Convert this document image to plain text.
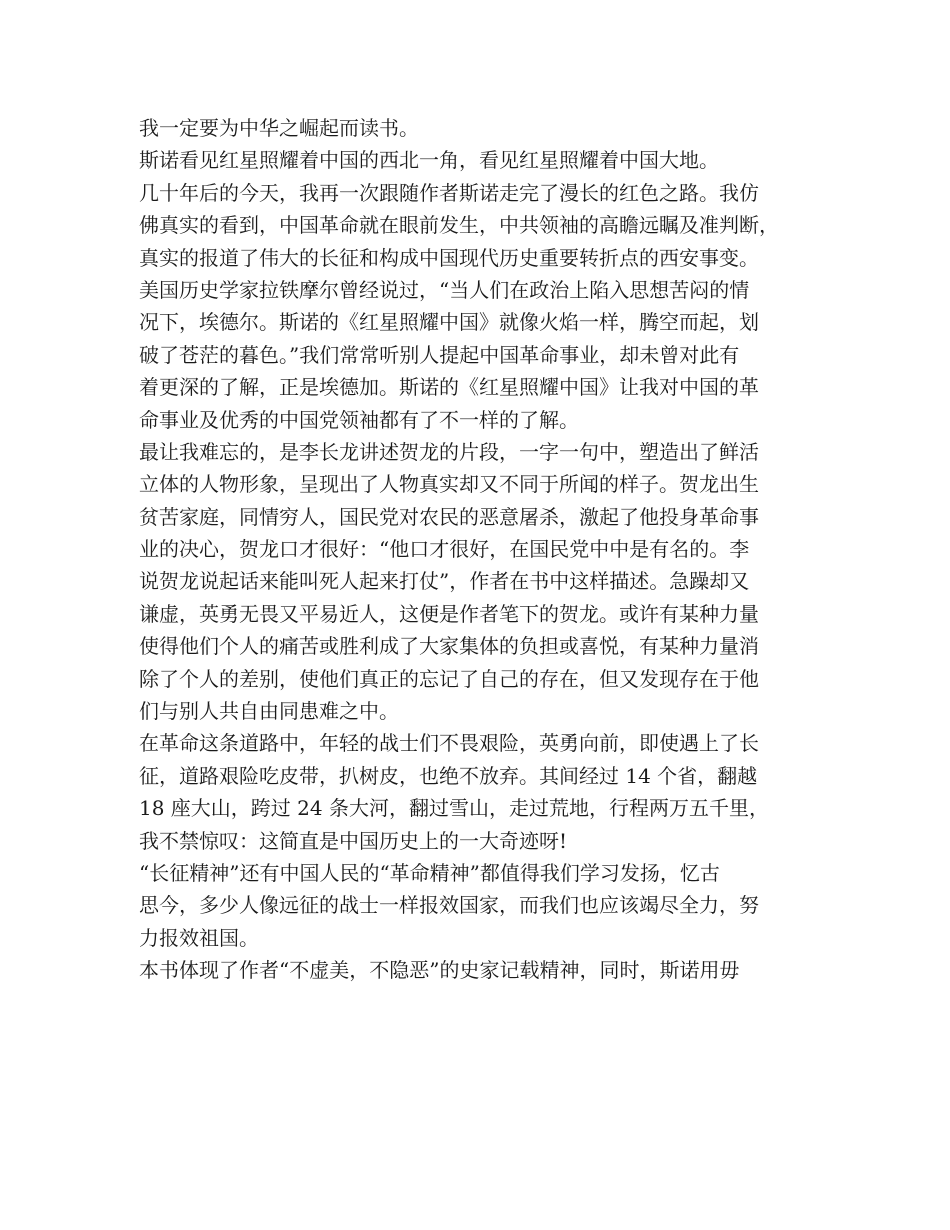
我一定要为中华之崛起而读书。
斯诺看见红星照耀着中国的西北一角，看见红星照耀着中国大地。
几十年后的今天，我再一次跟随作者斯诺走完了漫长的红色之路。我仿
佛真实的看到，中国革命就在眼前发生，中共领袖的高瞻远瞩及准判断，
真实的报道了伟大的长征和构成中国现代历史重要转折点的西安事变。
美国历史学家拉铁摩尔曾经说过，“当人们在政治上陷入思想苦闷的情
况下，埃德尔。斯诺的《红星照耀中国》就像火焰一样，腾空而起，划
破了苍茫的暮色。”我们常常听别人提起中国革命事业，却未曾对此有
着更深的了解，正是埃德加。斯诺的《红星照耀中国》让我对中国的革
命事业及优秀的中国党领袖都有了不一样的了解。
最让我难忘的，是李长龙讲述贺龙的片段，一字一句中，塑造出了鲜活
立体的人物形象，呈现出了人物真实却又不同于所闻的样子。贺龙出生
贫苦家庭，同情穷人，国民党对农民的恶意屠杀，激起了他投身革命事
业的决心，贺龙口才很好：“他口才很好，在国民党中中是有名的。李
说贺龙说起话来能叫死人起来打仗”，作者在书中这样描述。急躁却又
谦虚，英勇无畏又平易近人，这便是作者笔下的贺龙。或许有某种力量
使得他们个人的痛苦或胜利成了大家集体的负担或喜悦，有某种力量消
除了个人的差别，使他们真正的忘记了自己的存在，但又发现存在于他
们与别人共自由同患难之中。
在革命这条道路中，年轻的战士们不畏艰险，英勇向前，即使遇上了长
征，道路艰险吃皮带，扒树皮，也绝不放弃。其间经过 14 个省，翻越
18 座大山，跨过 24 条大河，翻过雪山，走过荒地，行程两万五千里，
我不禁惊叹：这简直是中国历史上的一大奇迹呀!
“长征精神”还有中国人民的“革命精神”都值得我们学习发扬，忆古
思今，多少人像远征的战士一样报效国家，而我们也应该竭尽全力，努
力报效祖国。
本书体现了作者“不虚美，不隐恶”的史家记载精神，同时，斯诺用毋
